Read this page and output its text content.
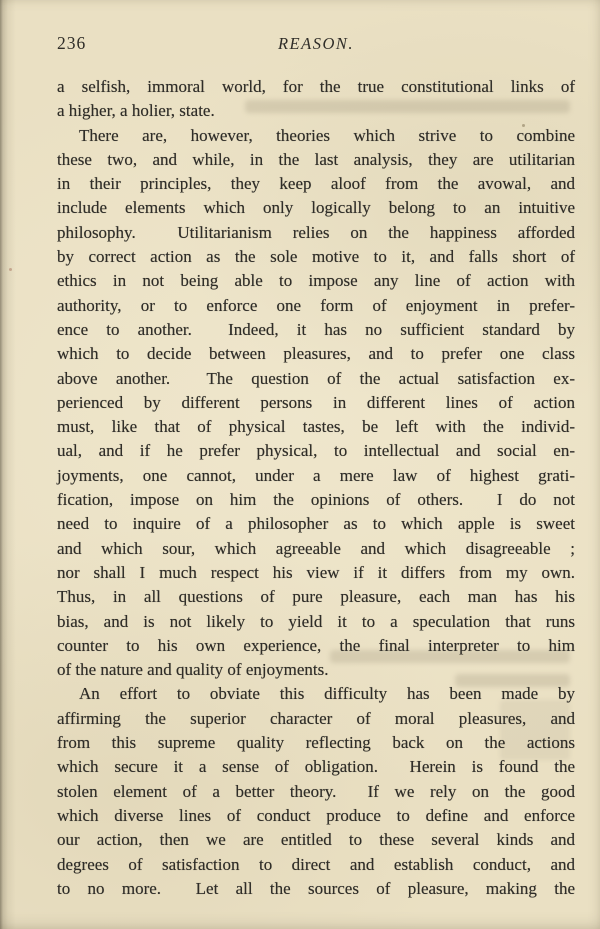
236	REASON.
a selfish, immoral world, for the true constitutional links of
a higher, a holier, state.
There are, however, theories which strive to combine
these two, and while, in the last analysis, they are utilitarian
in their principles, they keep aloof from the avowal, and
include elements which only logically belong to an intuitive
philosophy.  Utilitarianism relies on the happiness afforded
by correct action as the sole motive to it, and falls short of
ethics in not being able to impose any line of action with
authority, or to enforce one form of enjoyment in prefer-
ence to another.  Indeed, it has no sufficient standard by
which to decide between pleasures, and to prefer one class
above another.  The question of the actual satisfaction ex-
perienced by different persons in different lines of action
must, like that of physical tastes, be left with the individ-
ual, and if he prefer physical, to intellectual and social en-
joyments, one cannot, under a mere law of highest grati-
fication, impose on him the opinions of others.  I do not
need to inquire of a philosopher as to which apple is sweet
and which sour, which agreeable and which disagreeable ;
nor shall I much respect his view if it differs from my own.
Thus, in all questions of pure pleasure, each man has his
bias, and is not likely to yield it to a speculation that runs
counter to his own experience, the final interpreter to him
of the nature and quality of enjoyments.
An effort to obviate this difficulty has been made by
affirming the superior character of moral pleasures, and
from this supreme quality reflecting back on the actions
which secure it a sense of obligation.  Herein is found the
stolen element of a better theory.  If we rely on the good
which diverse lines of conduct produce to define and enforce
our action, then we are entitled to these several kinds and
degrees of satisfaction to direct and establish conduct, and
to no more.  Let all the sources of pleasure, making the
